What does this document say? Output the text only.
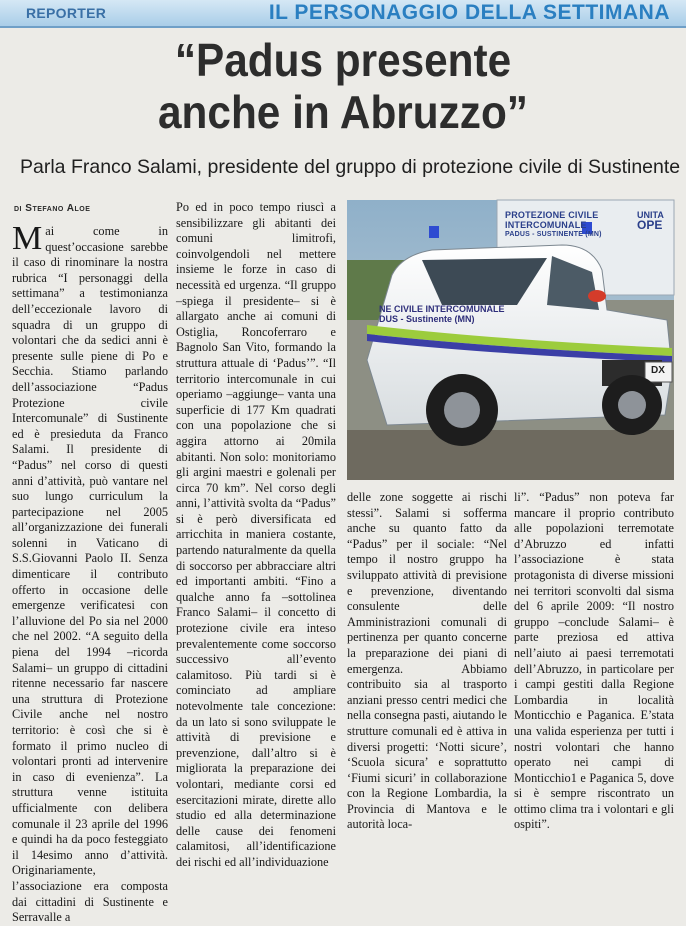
REPORTER	IL PERSONAGGIO DELLA SETTIMANA
“Padus presente
anche in Abruzzo”
Parla Franco Salami, presidente del gruppo di protezione civile di Sustinente
di Stefano Aloe

Mai come in quest’occasione sarebbe il caso di rinominare la nostra rubrica “I personaggi della settimana” a testimonianza dell’eccezionale lavoro di squadra di un gruppo di volontari che da sedici anni è presente sulle piene di Po e Secchia. Stiamo parlando dell’associazione “Padus Protezione civile Intercomunale” di Sustinente ed è presieduta da Franco Salami. Il presidente di “Padus” nel corso di questi anni d’attività, può vantare nel suo lungo curriculum la partecipazione nel 2005 all’organizzazione dei funerali solenni in Vaticano di S.S.Giovanni Paolo II. Senza dimenticare il contributo offerto in occasione delle emergenze verificatesi con l’alluvione del Po sia nel 2000 che nel 2002. “A seguito della piena del 1994 –ricorda Salami– un gruppo di cittadini ritenne necessario far nascere una struttura di Protezione Civile anche nel nostro territorio: è così che si è formato il primo nucleo di volontari pronti ad intervenire in caso di evenienza”. La struttura venne istituita ufficialmente con delibera comunale il 23 aprile del 1996 e quindi ha da poco festeggiato il 14esimo anno d’attività. Originariamente, l’associazione era composta dai cittadini di Sustinente e Serravalle a

Po ed in poco tempo riuscì a sensibilizzare gli abitanti dei comuni limitrofi, coinvolgendoli nel mettere insieme le forze in caso di necessità ed urgenza. “Il gruppo –spiega il presidente– si è allargato anche ai comuni di Ostiglia, Roncoferraro e Bagnolo San Vito, formando la struttura attuale di ‘Padus’”. “Il territorio intercomunale in cui operiamo –aggiunge– vanta una superficie di 177 Km quadrati con una popolazione che si aggira attorno ai 20mila abitanti. Non solo: monitoriamo gli argini maestri e golenali per circa 70 km”. Nel corso degli anni, l’attività svolta da “Padus” si è però diversificata ed arricchita in maniera costante, partendo naturalmente da quella di soccorso per abbracciare altri ed importanti ambiti. “Fino a qualche anno fa –sottolinea Franco Salami– il concetto di protezione civile era inteso prevalentemente come soccorso successivo all’evento calamitoso. Più tardi si è cominciato ad ampliare notevolmente tale concezione: da un lato si sono sviluppate le attività di previsione e prevenzione, dall’altro si è migliorata la preparazione dei volontari, mediante corsi ed esercitazioni mirate, dirette allo studio ed alla determinazione delle cause dei fenomeni calamitosi, all’identificazione dei rischi ed all’individuazione

PROTEZIONE CIVILE
INTERCOMUNALE
PADUS - SUSTINENTE (MN)
UNITA
OPE
NE CIVILE INTERCOMUNALE
DUS - Sustinente (MN)
DX

delle zone soggette ai rischi stessi”. Salami si sofferma anche su quanto fatto da “Padus” per il sociale: “Nel tempo il nostro gruppo ha sviluppato attività di previsione e prevenzione, diventando consulente delle Amministrazioni comunali di pertinenza per quanto concerne la preparazione dei piani di emergenza. Abbiamo contribuito sia al trasporto anziani presso centri medici che nella consegna pasti, aiutando le strutture comunali ed è attiva in diversi progetti: ‘Notti sicure’, ‘Scuola sicura’ e soprattutto ‘Fiumi sicuri’ in collaborazione con la Regione Lombardia, la Provincia di Mantova e le autorità loca-

li”. “Padus” non poteva far mancare il proprio contributo alle popolazioni terremotate d’Abruzzo ed infatti l’associazione è stata protagonista di diverse missioni nei territori sconvolti dal sisma del 6 aprile 2009: “Il nostro gruppo –conclude Salami– è parte preziosa ed attiva nell’aiuto ai paesi terremotati dell’Abruzzo, in particolare per i campi gestiti dalla Regione Lombardia in località Monticchio e Paganica. E’stata una valida esperienza per tutti i nostri volontari che hanno operato nei campi di Monticchio1 e Paganica 5, dove si è sempre riscontrato un ottimo clima tra i volontari e gli ospiti”.
